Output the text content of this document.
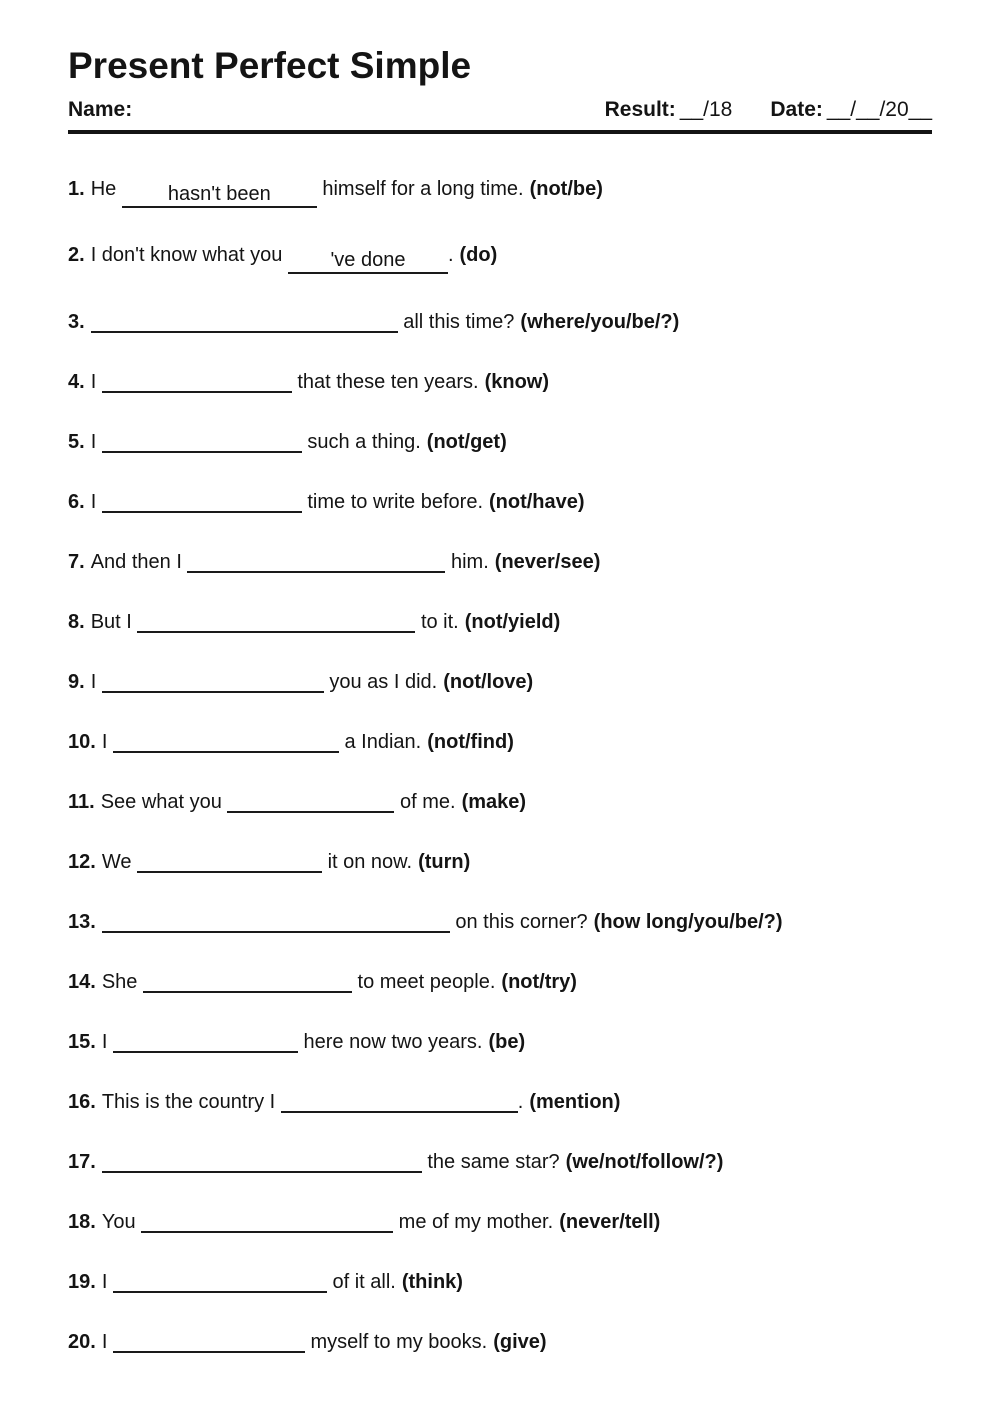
Present Perfect Simple
Name:	Result: __/18 Date: __/__/20__
1. He	hasn't been	himself for a long time. (not/be)
2. I don't know what you	've done	. (do)
3.	all this time? (where/you/be/?)
4. I	that these ten years. (know)
5. I	such a thing. (not/get)
6. I	time to write before. (not/have)
7. And then I	him. (never/see)
8. But I	to it. (not/yield)
9. I	you as I did. (not/love)
10. I	a Indian. (not/find)
11. See what you	of me. (make)
12. We	it on now. (turn)
13.	on this corner? (how long/you/be/?)
14. She	to meet people. (not/try)
15. I	here now two years. (be)
16. This is the country I	. (mention)
17.	the same star? (we/not/follow/?)
18. You	me of my mother. (never/tell)
19. I	of it all. (think)
20. I	myself to my books. (give)
